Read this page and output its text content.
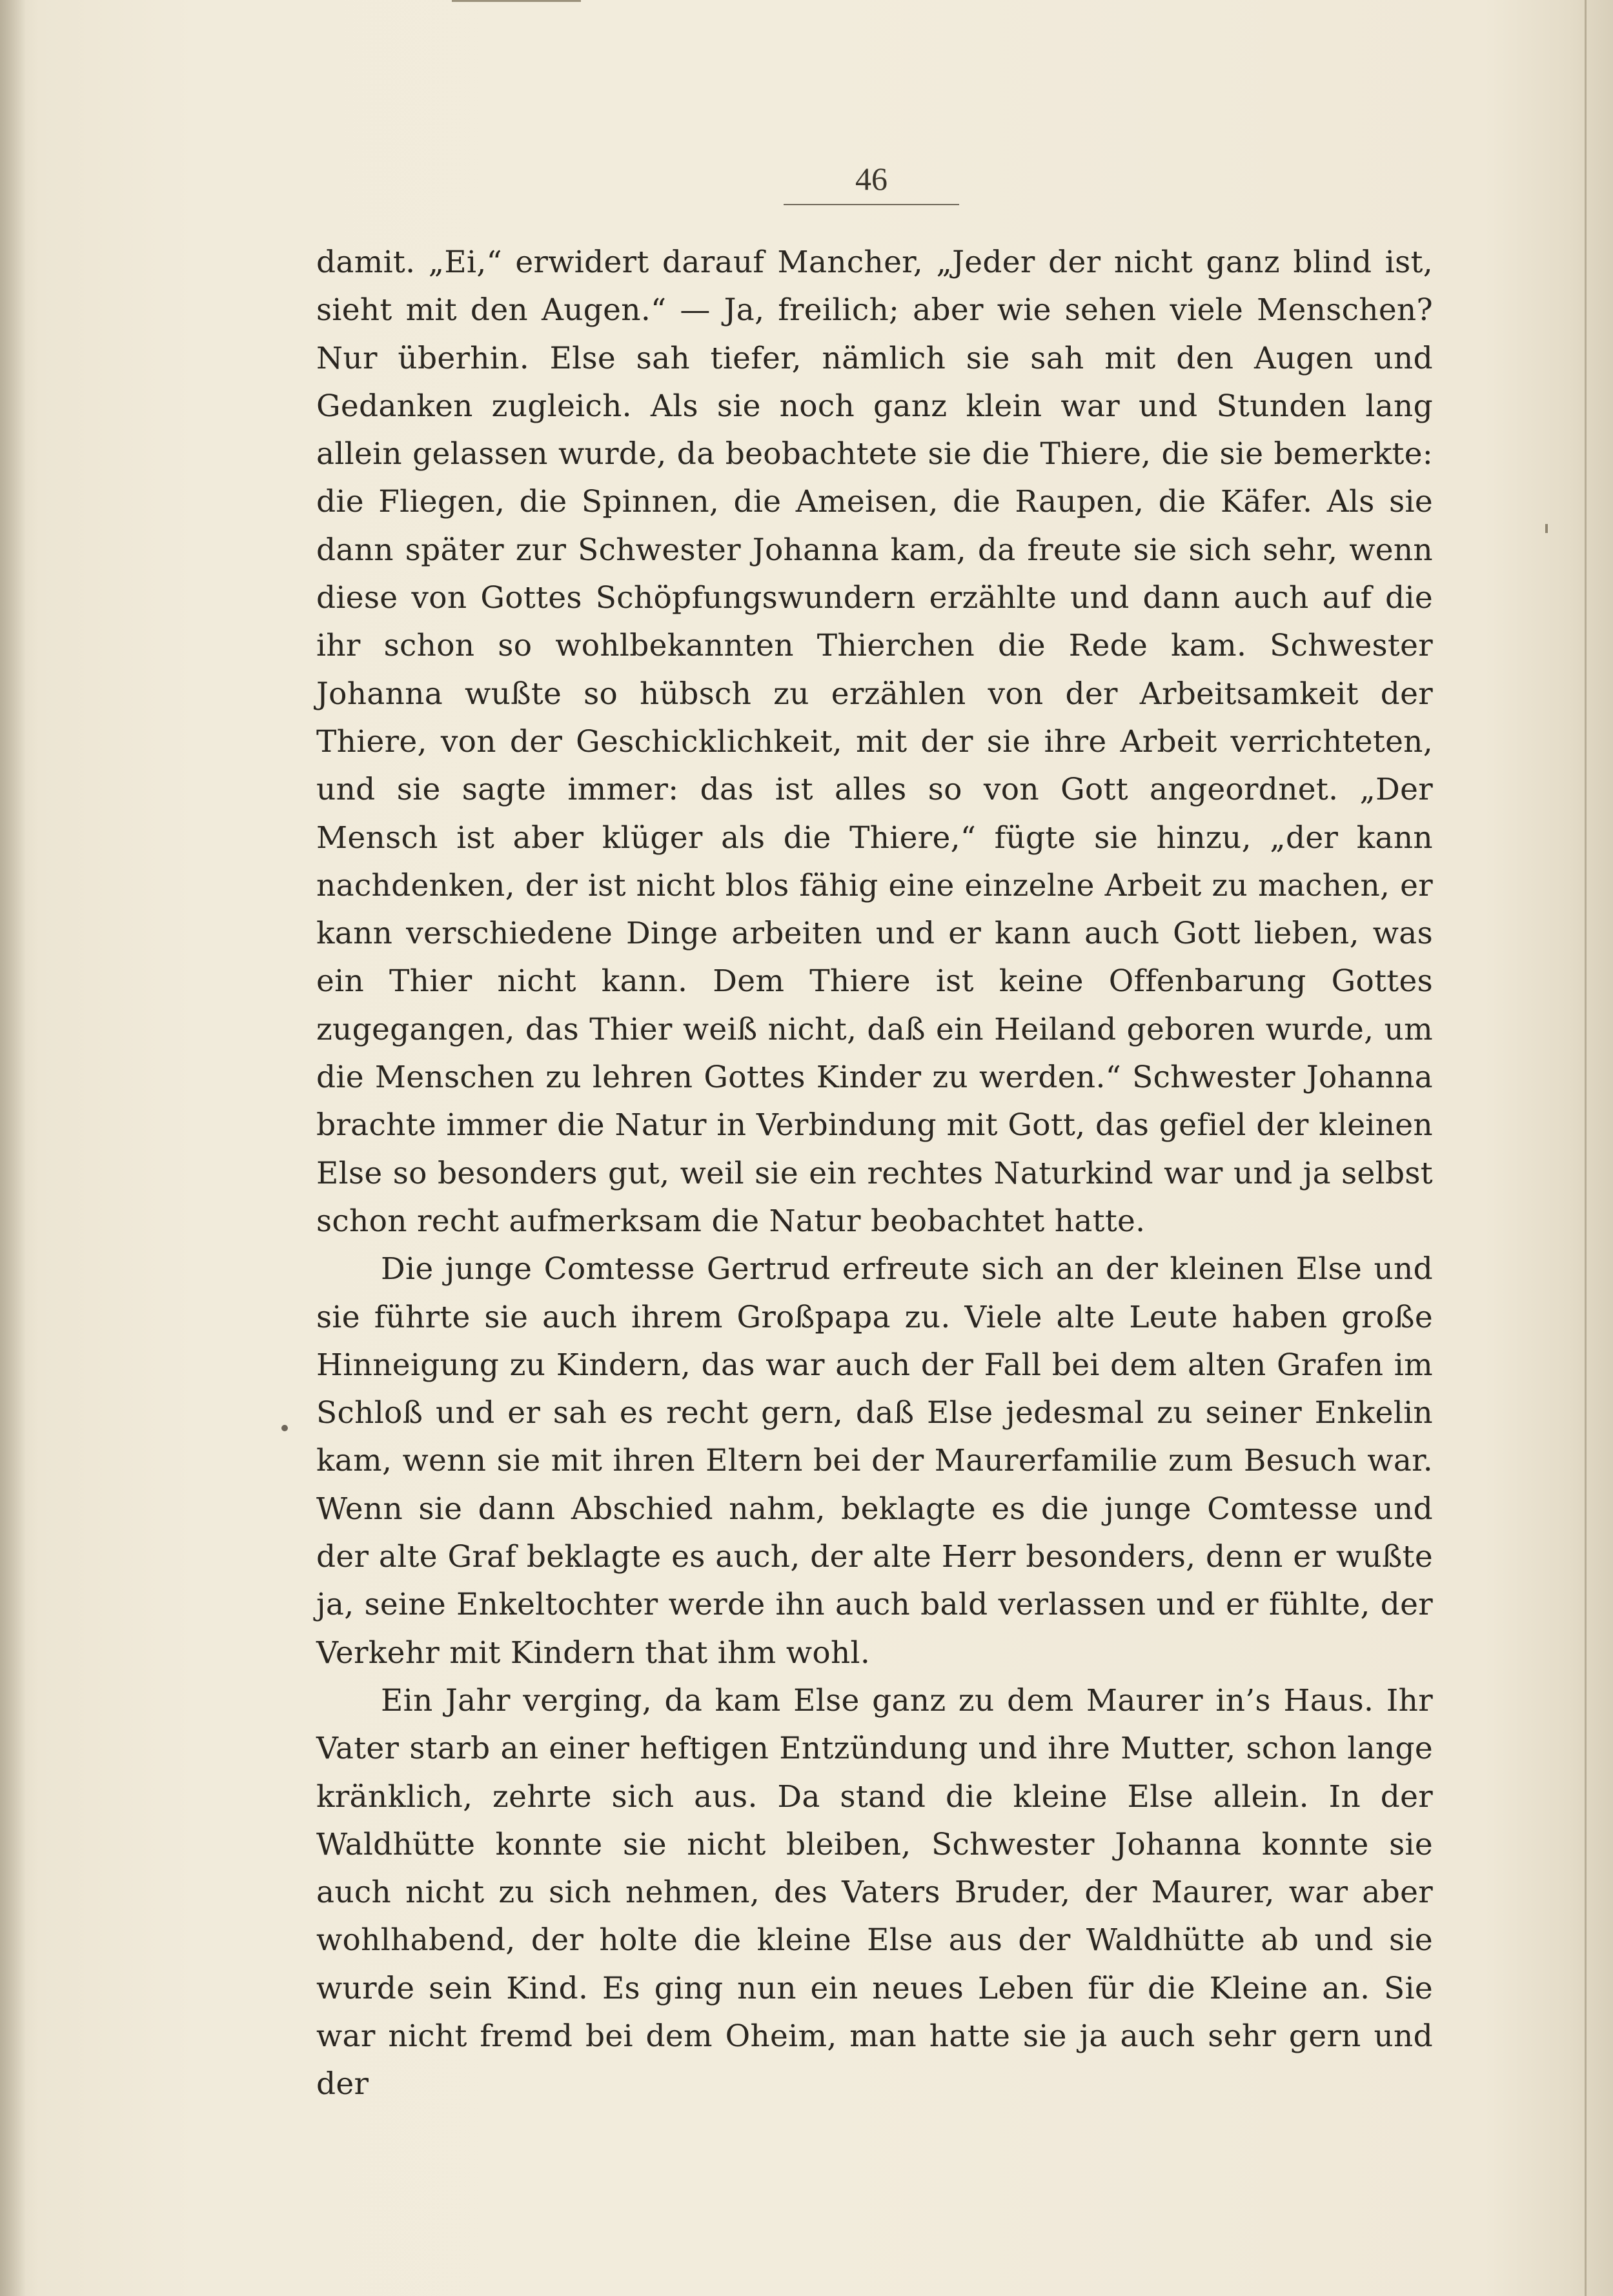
46

damit. „Ei,“ erwidert darauf Mancher, „Jeder der nicht ganz blind ist, sieht mit den Augen.“ — Ja, freilich; aber wie sehen viele Menschen? Nur überhin. Else sah tiefer, nämlich sie sah mit den Augen und Gedanken zugleich. Als sie noch ganz klein war und Stunden lang allein gelassen wurde, da beobachtete sie die Thiere, die sie bemerkte: die Fliegen, die Spinnen, die Ameisen, die Raupen, die Käfer. Als sie dann später zur Schwester Johanna kam, da freute sie sich sehr, wenn diese von Gottes Schöpfungswundern erzählte und dann auch auf die ihr schon so wohlbekannten Thierchen die Rede kam. Schwester Johanna wußte so hübsch zu erzählen von der Arbeitsamkeit der Thiere, von der Geschicklichkeit, mit der sie ihre Arbeit verrichteten, und sie sagte immer: das ist alles so von Gott angeordnet. „Der Mensch ist aber klüger als die Thiere,“ fügte sie hinzu, „der kann nachdenken, der ist nicht blos fähig eine einzelne Arbeit zu machen, er kann verschiedene Dinge arbeiten und er kann auch Gott lieben, was ein Thier nicht kann. Dem Thiere ist keine Offenbarung Gottes zugegangen, das Thier weiß nicht, daß ein Heiland geboren wurde, um die Menschen zu lehren Gottes Kinder zu werden.“ Schwester Johanna brachte immer die Natur in Verbindung mit Gott, das gefiel der kleinen Else so besonders gut, weil sie ein rechtes Naturkind war und ja selbst schon recht aufmerksam die Natur beobachtet hatte.

Die junge Comtesse Gertrud erfreute sich an der kleinen Else und sie führte sie auch ihrem Großpapa zu. Viele alte Leute haben große Hinneigung zu Kindern, das war auch der Fall bei dem alten Grafen im Schloß und er sah es recht gern, daß Else jedesmal zu seiner Enkelin kam, wenn sie mit ihren Eltern bei der Maurerfamilie zum Besuch war. Wenn sie dann Abschied nahm, beklagte es die junge Comtesse und der alte Graf beklagte es auch, der alte Herr besonders, denn er wußte ja, seine Enkeltochter werde ihn auch bald verlassen und er fühlte, der Verkehr mit Kindern that ihm wohl.

Ein Jahr verging, da kam Else ganz zu dem Maurer in’s Haus. Ihr Vater starb an einer heftigen Entzündung und ihre Mutter, schon lange kränklich, zehrte sich aus. Da stand die kleine Else allein. In der Waldhütte konnte sie nicht bleiben, Schwester Johanna konnte sie auch nicht zu sich nehmen, des Vaters Bruder, der Maurer, war aber wohlhabend, der holte die kleine Else aus der Waldhütte ab und sie wurde sein Kind. Es ging nun ein neues Leben für die Kleine an. Sie war nicht fremd bei dem Oheim, man hatte sie ja auch sehr gern und der
